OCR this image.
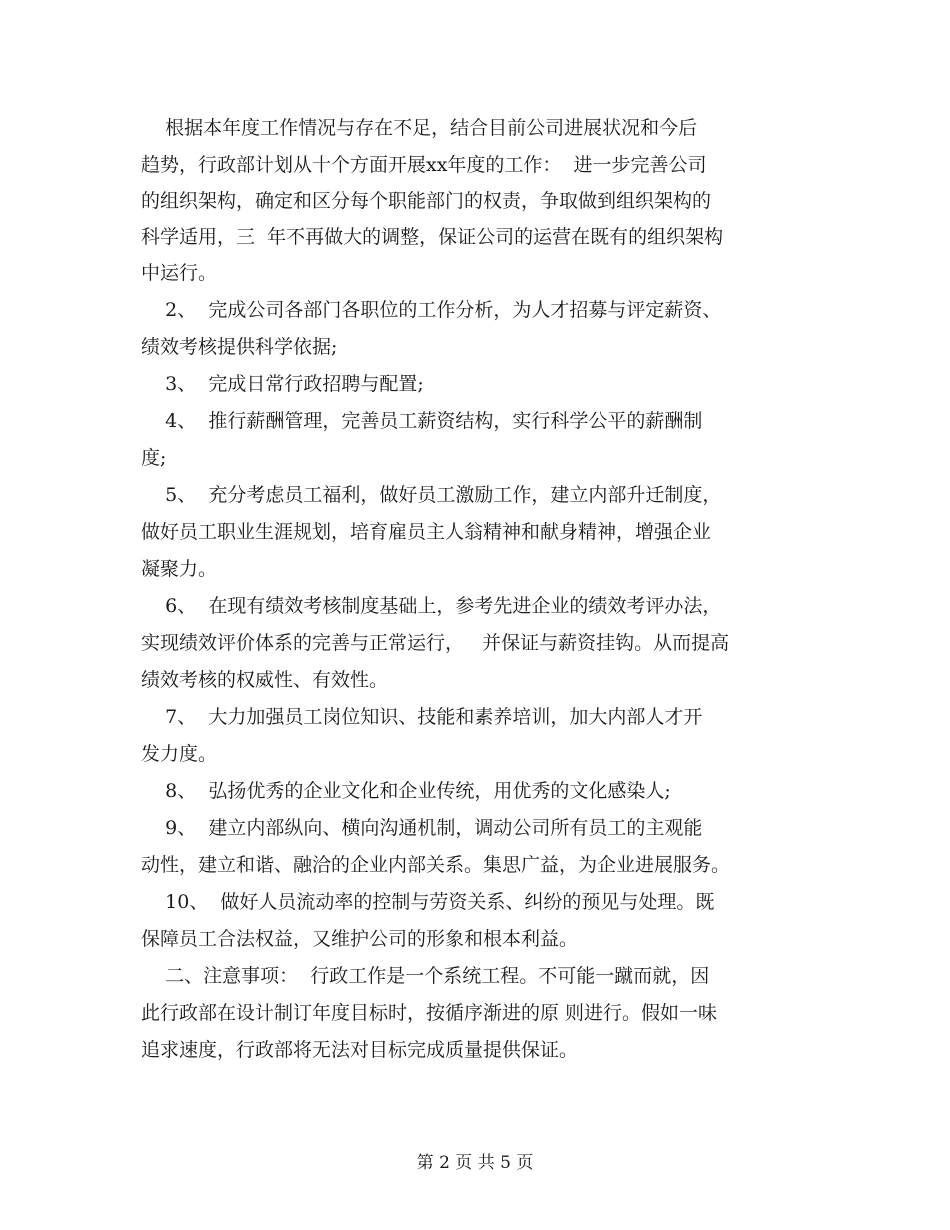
根据本年度工作情况与存在不足，结合目前公司进展状况和今后

趋势，行政部计划从十个方面开展xx年度的工作：  进一步完善公司

的组织架构，确定和区分每个职能部门的权责，争取做到组织架构的

科学适用，三  年不再做大的调整，保证公司的运营在既有的组织架构

中运行。

2、  完成公司各部门各职位的工作分析，为人才招募与评定薪资、

绩效考核提供科学依据;

3、  完成日常行政招聘与配置;

4、  推行薪酬管理，完善员工薪资结构，实行科学公平的薪酬制

度;

5、  充分考虑员工福利，做好员工激励工作，建立内部升迁制度，

做好员工职业生涯规划，培育雇员主人翁精神和献身精神，增强企业

凝聚力。

6、  在现有绩效考核制度基础上，参考先进企业的绩效考评办法，

实现绩效评价体系的完善与正常运行，   并保证与薪资挂钩。从而提高

绩效考核的权威性、有效性。

7、  大力加强员工岗位知识、技能和素养培训，加大内部人才开

发力度。

8、  弘扬优秀的企业文化和企业传统，用优秀的文化感染人;

9、  建立内部纵向、横向沟通机制，调动公司所有员工的主观能

动性，建立和谐、融洽的企业内部关系。集思广益，为企业进展服务。

10、  做好人员流动率的控制与劳资关系、纠纷的预见与处理。既

保障员工合法权益，又维护公司的形象和根本利益。

二、注意事项：  行政工作是一个系统工程。不可能一蹴而就，因

此行政部在设计制订年度目标时，按循序渐进的原 则进行。假如一味

追求速度，行政部将无法对目标完成质量提供保证。

第 2 页 共 5 页
